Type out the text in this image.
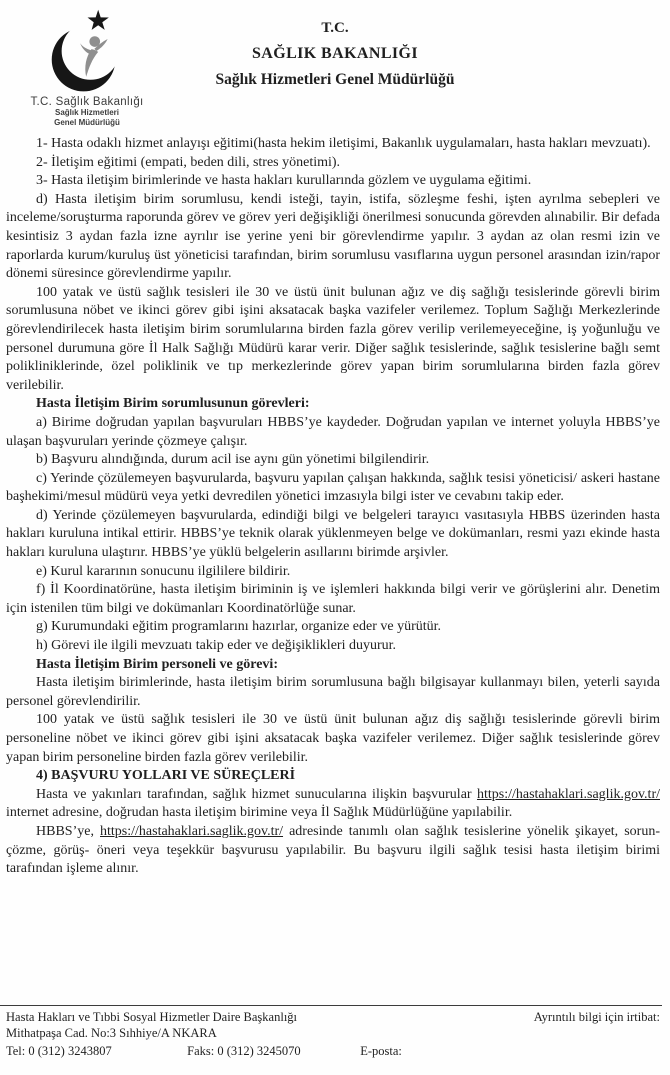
T.C. Sağlık Bakanlığı
Sağlık Hizmetleri
Genel Müdürlüğü
T.C.
SAĞLIK BAKANLIĞI
Sağlık Hizmetleri Genel Müdürlüğü

1- Hasta odaklı hizmet anlayışı eğitimi(hasta hekim iletişimi, Bakanlık uygulamaları, hasta hakları mevzuatı).

2- İletişim eğitimi (empati, beden dili, stres yönetimi).

3- Hasta iletişim birimlerinde ve hasta hakları kurullarında gözlem ve uygulama eğitimi.

d) Hasta iletişim birim sorumlusu, kendi isteği, tayin, istifa, sözleşme feshi, işten ayrılma sebepleri ve inceleme/soruşturma raporunda görev ve görev yeri değişikliği önerilmesi sonucunda görevden alınabilir. Bir defada kesintisiz 3 aydan fazla izne ayrılır ise yerine yeni bir görevlendirme yapılır. 3 aydan az olan resmi izin ve raporlarda kurum/kuruluş üst yöneticisi tarafından, birim sorumlusu vasıflarına uygun personel arasından izin/rapor dönemi süresince görevlendirme yapılır.

100 yatak ve üstü sağlık tesisleri ile 30 ve üstü ünit bulunan ağız ve diş sağlığı tesislerinde görevli birim sorumlusuna nöbet ve ikinci görev gibi işini aksatacak başka vazifeler verilemez. Toplum Sağlığı Merkezlerinde görevlendirilecek hasta iletişim birim sorumlularına birden fazla görev verilip verilemeyeceğine, iş yoğunluğu ve personel durumuna göre İl Halk Sağlığı Müdürü karar verir. Diğer sağlık tesislerinde, sağlık tesislerine bağlı semt polikliniklerinde, özel poliklinik ve tıp merkezlerinde görev yapan birim sorumlularına birden fazla görev verilebilir.

Hasta İletişim Birim sorumlusunun görevleri:

a) Birime doğrudan yapılan başvuruları HBBS’ye kaydeder. Doğrudan yapılan ve internet yoluyla HBBS’ye ulaşan başvuruları yerinde çözmeye çalışır.

b) Başvuru alındığında, durum acil ise aynı gün yönetimi bilgilendirir.

c) Yerinde çözülemeyen başvurularda, başvuru yapılan çalışan hakkında, sağlık tesisi yöneticisi/ askeri hastane başhekimi/mesul müdürü veya yetki devredilen yönetici imzasıyla bilgi ister ve cevabını takip eder.

d) Yerinde çözülemeyen başvurularda, edindiği bilgi ve belgeleri tarayıcı vasıtasıyla HBBS üzerinden hasta hakları kuruluna intikal ettirir. HBBS’ye teknik olarak yüklenmeyen belge ve dokümanları, resmi yazı ekinde hasta hakları kuruluna ulaştırır. HBBS’ye yüklü belgelerin asıllarını birimde arşivler.

e) Kurul kararının sonucunu ilgililere bildirir.

f) İl Koordinatörüne, hasta iletişim biriminin iş ve işlemleri hakkında bilgi verir ve görüşlerini alır. Denetim için istenilen tüm bilgi ve dokümanları Koordinatörlüğe sunar.

g) Kurumundaki eğitim programlarını hazırlar, organize eder ve yürütür.

h) Görevi ile ilgili mevzuatı takip eder ve değişiklikleri duyurur.

Hasta İletişim Birim personeli ve görevi:

Hasta iletişim birimlerinde, hasta iletişim birim sorumlusuna bağlı bilgisayar kullanmayı bilen, yeterli sayıda personel görevlendirilir.

100 yatak ve üstü sağlık tesisleri ile 30 ve üstü ünit bulunan ağız diş sağlığı tesislerinde görevli birim personeline nöbet ve ikinci görev gibi işini aksatacak başka vazifeler verilemez. Diğer sağlık tesislerinde görev yapan birim personeline birden fazla görev verilebilir.

4) BAŞVURU YOLLARI VE SÜREÇLERİ

Hasta ve yakınları tarafından, sağlık hizmet sunucularına ilişkin başvurular https://hastahaklari.saglik.gov.tr/ internet adresine, doğrudan hasta iletişim birimine veya İl Sağlık Müdürlüğüne yapılabilir.

HBBS’ye, https://hastahaklari.saglik.gov.tr/ adresinde tanımlı olan sağlık tesislerine yönelik şikayet, sorun-çözme, görüş- öneri veya teşekkür başvurusu yapılabilir. Bu başvuru ilgili sağlık tesisi hasta iletişim birimi tarafından işleme alınır.

Hasta Hakları ve Tıbbi Sosyal Hizmetler Daire Başkanlığı	Ayrıntılı bilgi için irtibat:
Mithatpaşa Cad. No:3 Sıhhiye/A NKARA
Tel: 0 (312) 3243807	Faks: 0 (312) 3245070	E-posta:
